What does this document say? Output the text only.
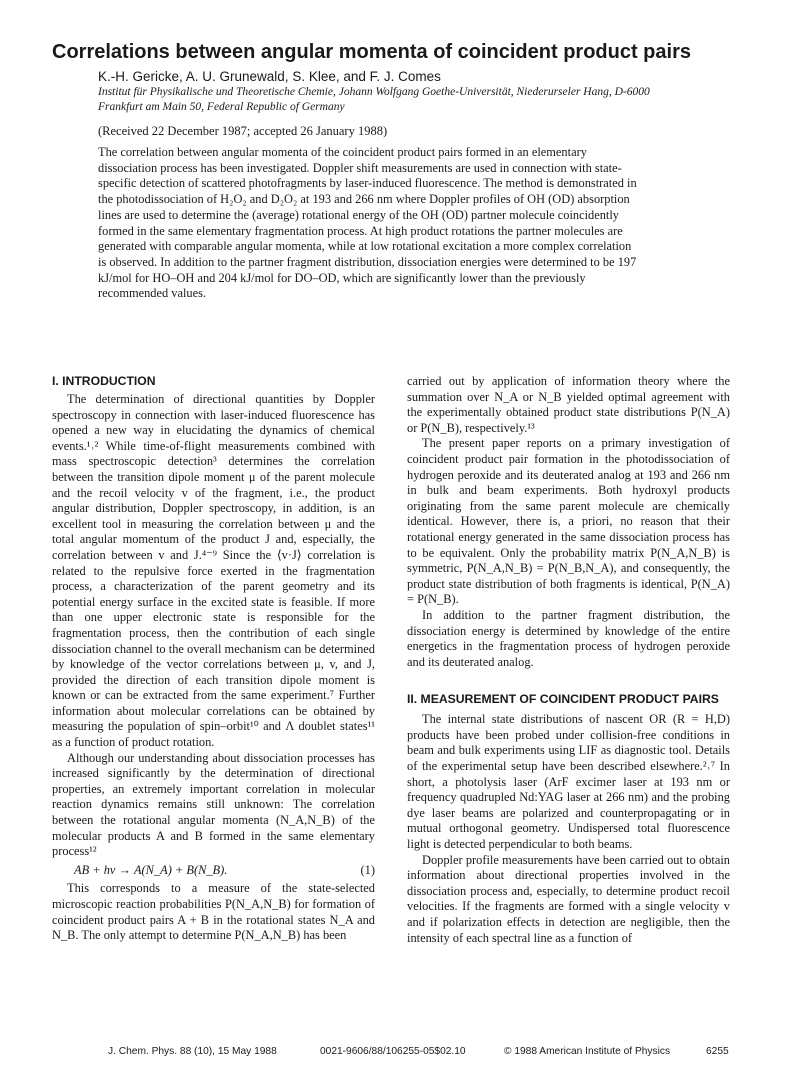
Correlations between angular momenta of coincident product pairs
K.-H. Gericke, A. U. Grunewald, S. Klee, and F. J. Comes
Institut für Physikalische und Theoretische Chemie, Johann Wolfgang Goethe-Universität, Niederurseler Hang, D-6000 Frankfurt am Main 50, Federal Republic of Germany
(Received 22 December 1987; accepted 26 January 1988)

The correlation between angular momenta of the coincident product pairs formed in an elementary dissociation process has been investigated. Doppler shift measurements are used in connection with state-specific detection of scattered photofragments by laser-induced fluorescence. The method is demonstrated in the photodissociation of H₂O₂ and D₂O₂ at 193 and 266 nm where Doppler profiles of OH (OD) absorption lines are used to determine the (average) rotational energy of the OH (OD) partner molecule coincidently formed in the same elementary fragmentation process. At high product rotations the partner molecules are generated with comparable angular momenta, while at low rotational excitation a more complex correlation is observed. In addition to the partner fragment distribution, dissociation energies were determined to be 197 kJ/mol for HO–OH and 204 kJ/mol for DO–OD, which are significantly lower than the previously recommended values.

I. INTRODUCTION

The determination of directional quantities by Doppler spectroscopy in connection with laser-induced fluorescence has opened a new way in elucidating the dynamics of chemical events.¹˒² While time-of-flight measurements combined with mass spectroscopic detection³ determines the correlation between the transition dipole moment μ of the parent molecule and the recoil velocity v of the fragment, i.e., the product angular distribution, Doppler spectroscopy, in addition, is an excellent tool in measuring the correlation between μ and the total angular momentum of the product J and, especially, the correlation between v and J.⁴⁻⁹ Since the ⟨v·J⟩ correlation is related to the repulsive force exerted in the fragmentation process, a characterization of the parent geometry and its potential energy surface in the excited state is feasible. If more than one upper electronic state is responsible for the fragmentation process, then the contribution of each single dissociation channel to the overall mechanism can be determined by knowledge of the vector correlations between μ, v, and J, provided the direction of each transition dipole moment is known or can be extracted from the same experiment.⁷ Further information about molecular correlations can be obtained by measuring the population of spin–orbit¹⁰ and Λ doublet states¹¹ as a function of product rotation.

Although our understanding about dissociation processes has increased significantly by the determination of directional properties, an extremely important correlation in molecular reaction dynamics remains still unknown: The correlation between the rotational angular momenta (N_A,N_B) of the molecular products A and B formed in the same elementary process¹²

AB + hν → A(N_A) + B(N_B).	(1)

This corresponds to a measure of the state-selected microscopic reaction probabilities P(N_A,N_B) for formation of coincident product pairs A + B in the rotational states N_A and N_B. The only attempt to determine P(N_A,N_B) has been

carried out by application of information theory where the summation over N_A or N_B yielded optimal agreement with the experimentally obtained product state distributions P(N_A) or P(N_B), respectively.¹³

The present paper reports on a primary investigation of coincident product pair formation in the photodissociation of hydrogen peroxide and its deuterated analog at 193 and 266 nm in bulk and beam experiments. Both hydroxyl products originating from the same parent molecule are chemically identical. However, there is, a priori, no reason that their rotational energy generated in the same dissociation process has to be equivalent. Only the probability matrix P(N_A,N_B) is symmetric, P(N_A,N_B) = P(N_B,N_A), and consequently, the product state distribution of both fragments is identical, P(N_A) = P(N_B).

In addition to the partner fragment distribution, the dissociation energy is determined by knowledge of the entire energetics in the fragmentation process of hydrogen peroxide and its deuterated analog.

II. MEASUREMENT OF COINCIDENT PRODUCT PAIRS

The internal state distributions of nascent OR (R = H,D) products have been probed under collision-free conditions in beam and bulk experiments using LIF as diagnostic tool. Details of the experimental setup have been described elsewhere.²˒⁷ In short, a photolysis laser (ArF excimer laser at 193 nm or frequency quadrupled Nd:YAG laser at 266 nm) and the probing dye laser beams are polarized and counterpropagating or in mutual orthogonal geometry. Undispersed total fluorescence light is detected perpendicular to both beams.

Doppler profile measurements have been carried out to obtain information about directional properties involved in the dissociation process and, especially, to determine product recoil velocities. If the fragments are formed with a single velocity v and if polarization effects in detection are negligible, then the intensity of each spectral line as a function of

J. Chem. Phys. 88 (10), 15 May 1988	0021-9606/88/106255-05$02.10	© 1988 American Institute of Physics	6255
